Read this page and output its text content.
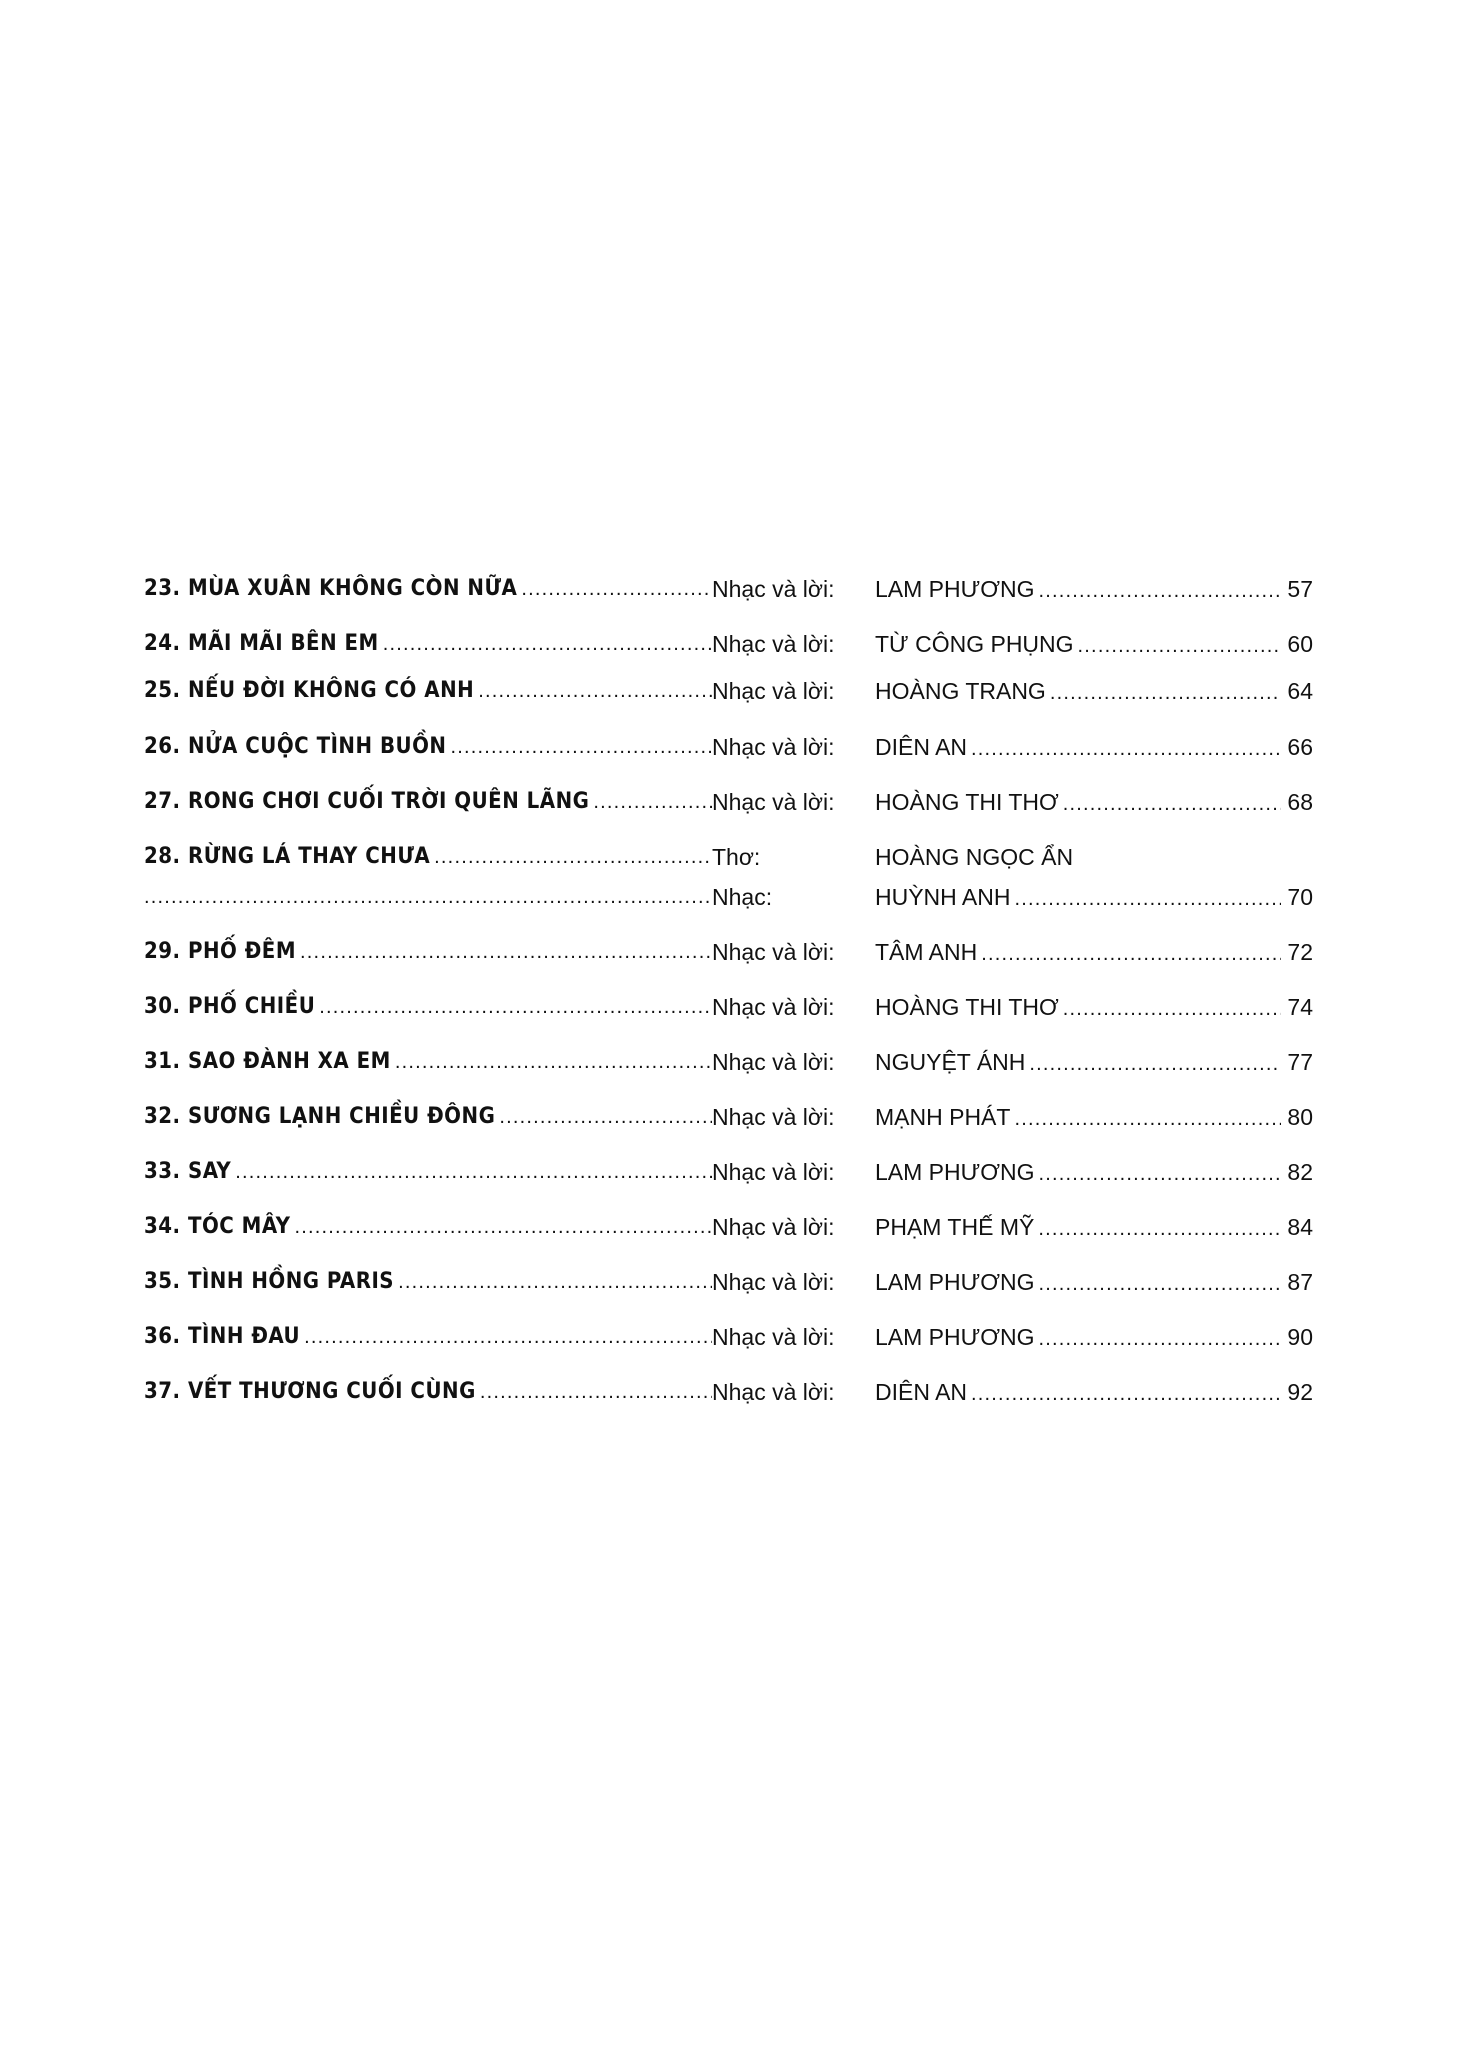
23. MÙA XUÂN KHÔNG CÒN NỮA .....	Nhạc và lời:	LAM PHƯƠNG .....	57
24. MÃI MÃI BÊN EM .....	Nhạc và lời:	TỪ CÔNG PHỤNG .....	60
25. NẾU ĐỜI KHÔNG CÓ ANH .....	Nhạc và lời:	HOÀNG TRANG .....	64
26. NỬA CUỘC TÌNH BUỒN .....	Nhạc và lời:	DIÊN AN .....	66
27. RONG CHƠI CUỐI TRỜI QUÊN LÃNG .....	Nhạc và lời:	HOÀNG THI THƠ .....	68
28. RỪNG LÁ THAY CHƯA .....	Thơ:	HOÀNG NGỌC ẨN
.....
Nhạc:	HUỲNH ANH .....	70
29. PHỐ ĐÊM .....	Nhạc và lời:	TÂM ANH .....	72
30. PHỐ CHIỀU .....	Nhạc và lời:	HOÀNG THI THƠ .....	74
31. SAO ĐÀNH XA EM .....	Nhạc và lời:	NGUYỆT ÁNH .....	77
32. SƯƠNG LẠNH CHIỀU ĐÔNG .....	Nhạc và lời:	MẠNH PHÁT .....	80
33. SAY .....	Nhạc và lời:	LAM PHƯƠNG .....	82
34. TÓC MÂY .....	Nhạc và lời:	PHẠM THẾ MỸ .....	84
35. TÌNH HỒNG PARIS .....	Nhạc và lời:	LAM PHƯƠNG .....	87
36. TÌNH ĐAU .....	Nhạc và lời:	LAM PHƯƠNG .....	90
37. VẾT THƯƠNG CUỐI CÙNG .....	Nhạc và lời:	DIÊN AN .....	92
